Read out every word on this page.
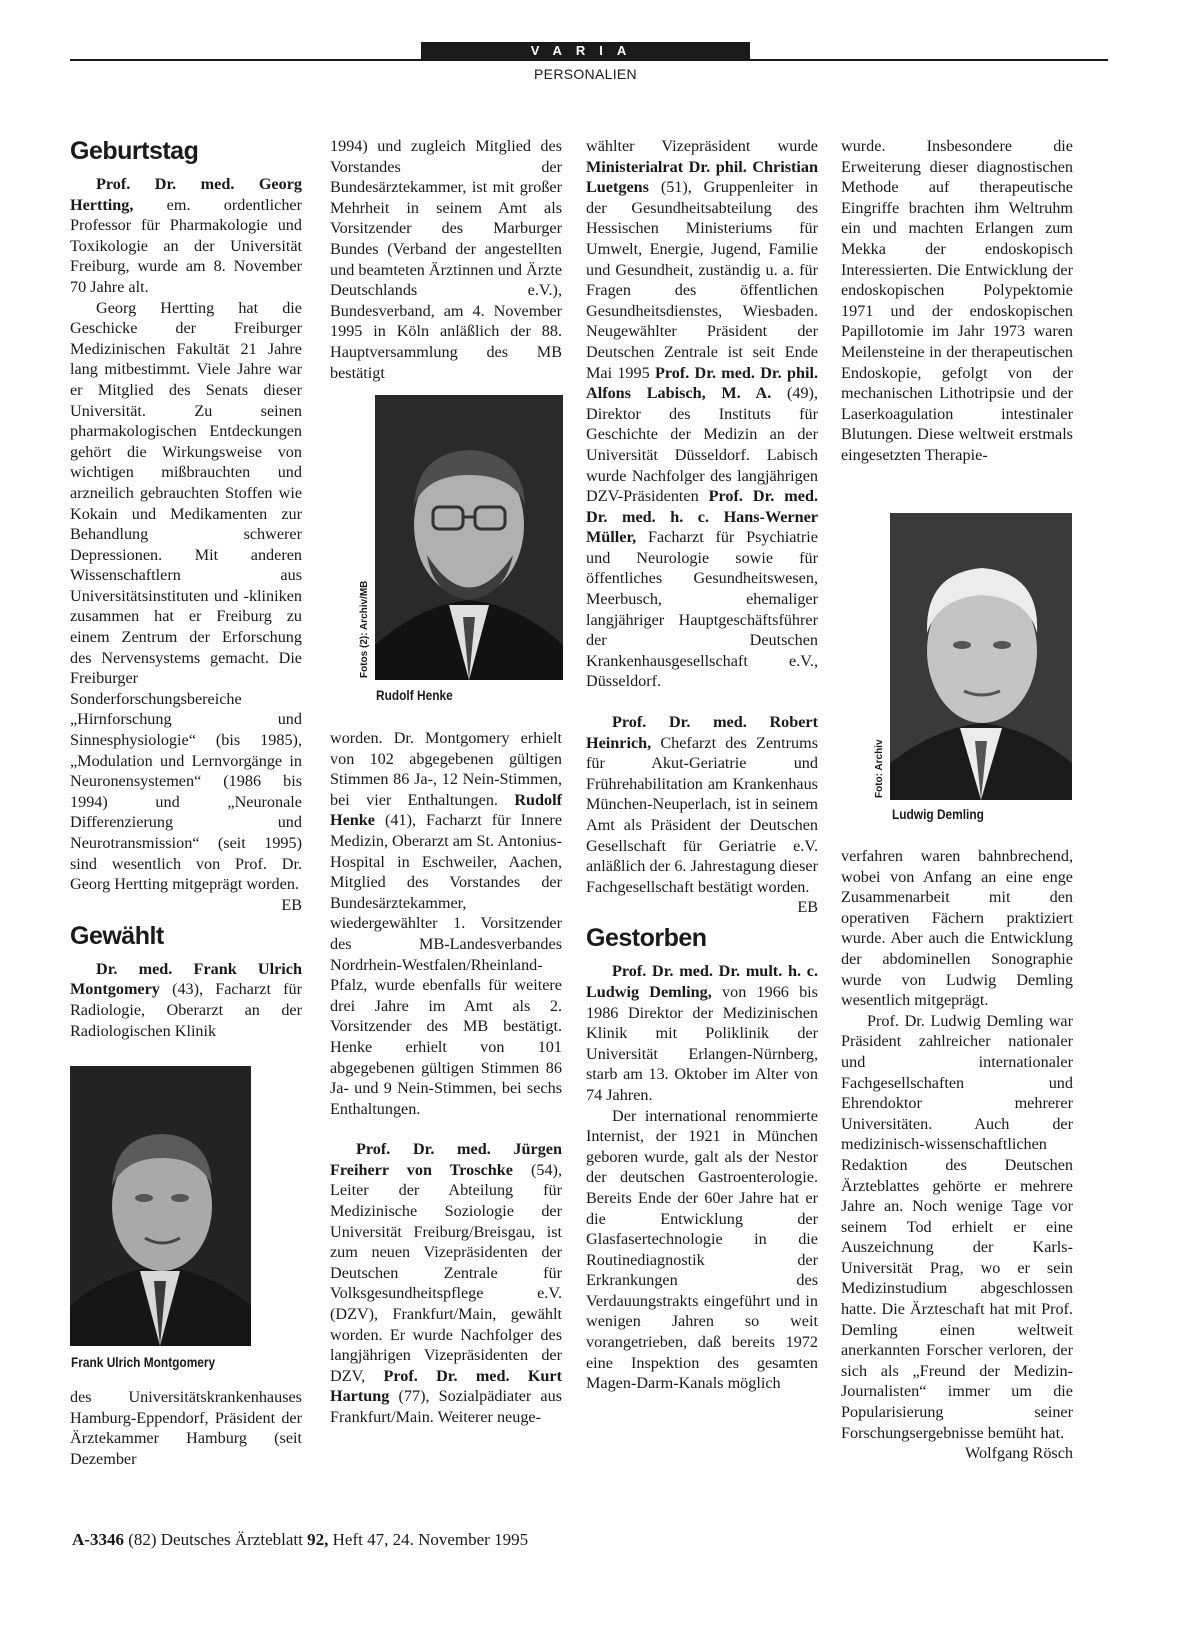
VARIA
PERSONALIEN
Geburtstag

Prof. Dr. med. Georg Hertting, em. ordentlicher Professor für Pharmakologie und Toxikologie an der Universität Freiburg, wurde am 8. November 70 Jahre alt.

Georg Hertting hat die Geschicke der Freiburger Medizinischen Fakultät 21 Jahre lang mitbestimmt. Viele Jahre war er Mitglied des Senats dieser Universität. Zu seinen pharmakologischen Entdeckungen gehört die Wirkungsweise von wichtigen mißbrauchten und arzneilich gebrauchten Stoffen wie Kokain und Medikamenten zur Behandlung schwerer Depressionen. Mit anderen Wissenschaftlern aus Universitätsinstituten und -kliniken zusammen hat er Freiburg zu einem Zentrum der Erforschung des Nervensystems gemacht. Die Freiburger Sonderforschungsbereiche „Hirnforschung und Sinnesphysiologie“ (bis 1985), „Modulation und Lernvorgänge in Neuronensystemen“ (1986 bis 1994) und „Neuronale Differenzierung und Neurotransmission“ (seit 1995) sind wesentlich von Prof. Dr. Georg Hertting mitgeprägt worden.
EB

Gewählt

Dr. med. Frank Ulrich Montgomery (43), Facharzt für Radiologie, Oberarzt an der Radiologischen Klinik

Frank Ulrich Montgomery

des Universitätskrankenhauses Hamburg-Eppendorf, Präsident der Ärztekammer Hamburg (seit Dezember

1994) und zugleich Mitglied des Vorstandes der Bundesärztekammer, ist mit großer Mehrheit in seinem Amt als Vorsitzender des Marburger Bundes (Verband der angestellten und beamteten Ärztinnen und Ärzte Deutschlands e.V.), Bundesverband, am 4. November 1995 in Köln anläßlich der 88. Hauptversammlung des MB bestätigt

Fotos (2): Archiv/MB
Rudolf Henke

worden. Dr. Montgomery erhielt von 102 abgegebenen gültigen Stimmen 86 Ja-, 12 Nein-Stimmen, bei vier Enthaltungen. Rudolf Henke (41), Facharzt für Innere Medizin, Oberarzt am St. Antonius-Hospital in Eschweiler, Aachen, Mitglied des Vorstandes der Bundesärztekammer, wiedergewählter 1. Vorsitzender des MB-Landesverbandes Nordrhein-Westfalen/Rheinland-Pfalz, wurde ebenfalls für weitere drei Jahre im Amt als 2. Vorsitzender des MB bestätigt. Henke erhielt von 101 abgegebenen gültigen Stimmen 86 Ja- und 9 Nein-Stimmen, bei sechs Enthaltungen.

Prof. Dr. med. Jürgen Freiherr von Troschke (54), Leiter der Abteilung für Medizinische Soziologie der Universität Freiburg/Breisgau, ist zum neuen Vizepräsidenten der Deutschen Zentrale für Volksgesundheitspflege e.V. (DZV), Frankfurt/Main, gewählt worden. Er wurde Nachfolger des langjährigen Vizepräsidenten der DZV, Prof. Dr. med. Kurt Hartung (77), Sozialpädiater aus Frankfurt/Main. Weiterer neuge-

wählter Vizepräsident wurde Ministerialrat Dr. phil. Christian Luetgens (51), Gruppenleiter in der Gesundheitsabteilung des Hessischen Ministeriums für Umwelt, Energie, Jugend, Familie und Gesundheit, zuständig u. a. für Fragen des öffentlichen Gesundheitsdienstes, Wiesbaden. Neugewählter Präsident der Deutschen Zentrale ist seit Ende Mai 1995 Prof. Dr. med. Dr. phil. Alfons Labisch, M. A. (49), Direktor des Instituts für Geschichte der Medizin an der Universität Düsseldorf. Labisch wurde Nachfolger des langjährigen DZV-Präsidenten Prof. Dr. med. Dr. med. h. c. Hans-Werner Müller, Facharzt für Psychiatrie und Neurologie sowie für öffentliches Gesundheitswesen, Meerbusch, ehemaliger langjähriger Hauptgeschäftsführer der Deutschen Krankenhausgesellschaft e.V., Düsseldorf.

Prof. Dr. med. Robert Heinrich, Chefarzt des Zentrums für Akut-Geriatrie und Frührehabilitation am Krankenhaus München-Neuperlach, ist in seinem Amt als Präsident der Deutschen Gesellschaft für Geriatrie e.V. anläßlich der 6. Jahrestagung dieser Fachgesellschaft bestätigt worden.
EB

Gestorben

Prof. Dr. med. Dr. mult. h. c. Ludwig Demling, von 1966 bis 1986 Direktor der Medizinischen Klinik mit Poliklinik der Universität Erlangen-Nürnberg, starb am 13. Oktober im Alter von 74 Jahren.

Der international renommierte Internist, der 1921 in München geboren wurde, galt als der Nestor der deutschen Gastroenterologie. Bereits Ende der 60er Jahre hat er die Entwicklung der Glasfasertechnologie in die Routinediagnostik der Erkrankungen des Verdauungstrakts eingeführt und in wenigen Jahren so weit vorangetrieben, daß bereits 1972 eine Inspektion des gesamten Magen-Darm-Kanals möglich

wurde. Insbesondere die Erweiterung dieser diagnostischen Methode auf therapeutische Eingriffe brachten ihm Weltruhm ein und machten Erlangen zum Mekka der endoskopisch Interessierten. Die Entwicklung der endoskopischen Polypektomie 1971 und der endoskopischen Papillotomie im Jahr 1973 waren Meilensteine in der therapeutischen Endoskopie, gefolgt von der mechanischen Lithotripsie und der Laserkoagulation intestinaler Blutungen. Diese weltweit erstmals eingesetzten Therapie-

Foto: Archiv
Ludwig Demling

verfahren waren bahnbrechend, wobei von Anfang an eine enge Zusammenarbeit mit den operativen Fächern praktiziert wurde. Aber auch die Entwicklung der abdominellen Sonographie wurde von Ludwig Demling wesentlich mitgeprägt.

Prof. Dr. Ludwig Demling war Präsident zahlreicher nationaler und internationaler Fachgesellschaften und Ehrendoktor mehrerer Universitäten. Auch der medizinisch-wissenschaftlichen Redaktion des Deutschen Ärzteblattes gehörte er mehrere Jahre an. Noch wenige Tage vor seinem Tod erhielt er eine Auszeichnung der Karls-Universität Prag, wo er sein Medizinstudium abgeschlossen hatte. Die Ärzteschaft hat mit Prof. Demling einen weltweit anerkannten Forscher verloren, der sich als „Freund der Medizin-Journalisten“ immer um die Popularisierung seiner Forschungsergebnisse bemüht hat.
Wolfgang Rösch

A-3346 (82) Deutsches Ärzteblatt 92, Heft 47, 24. November 1995
